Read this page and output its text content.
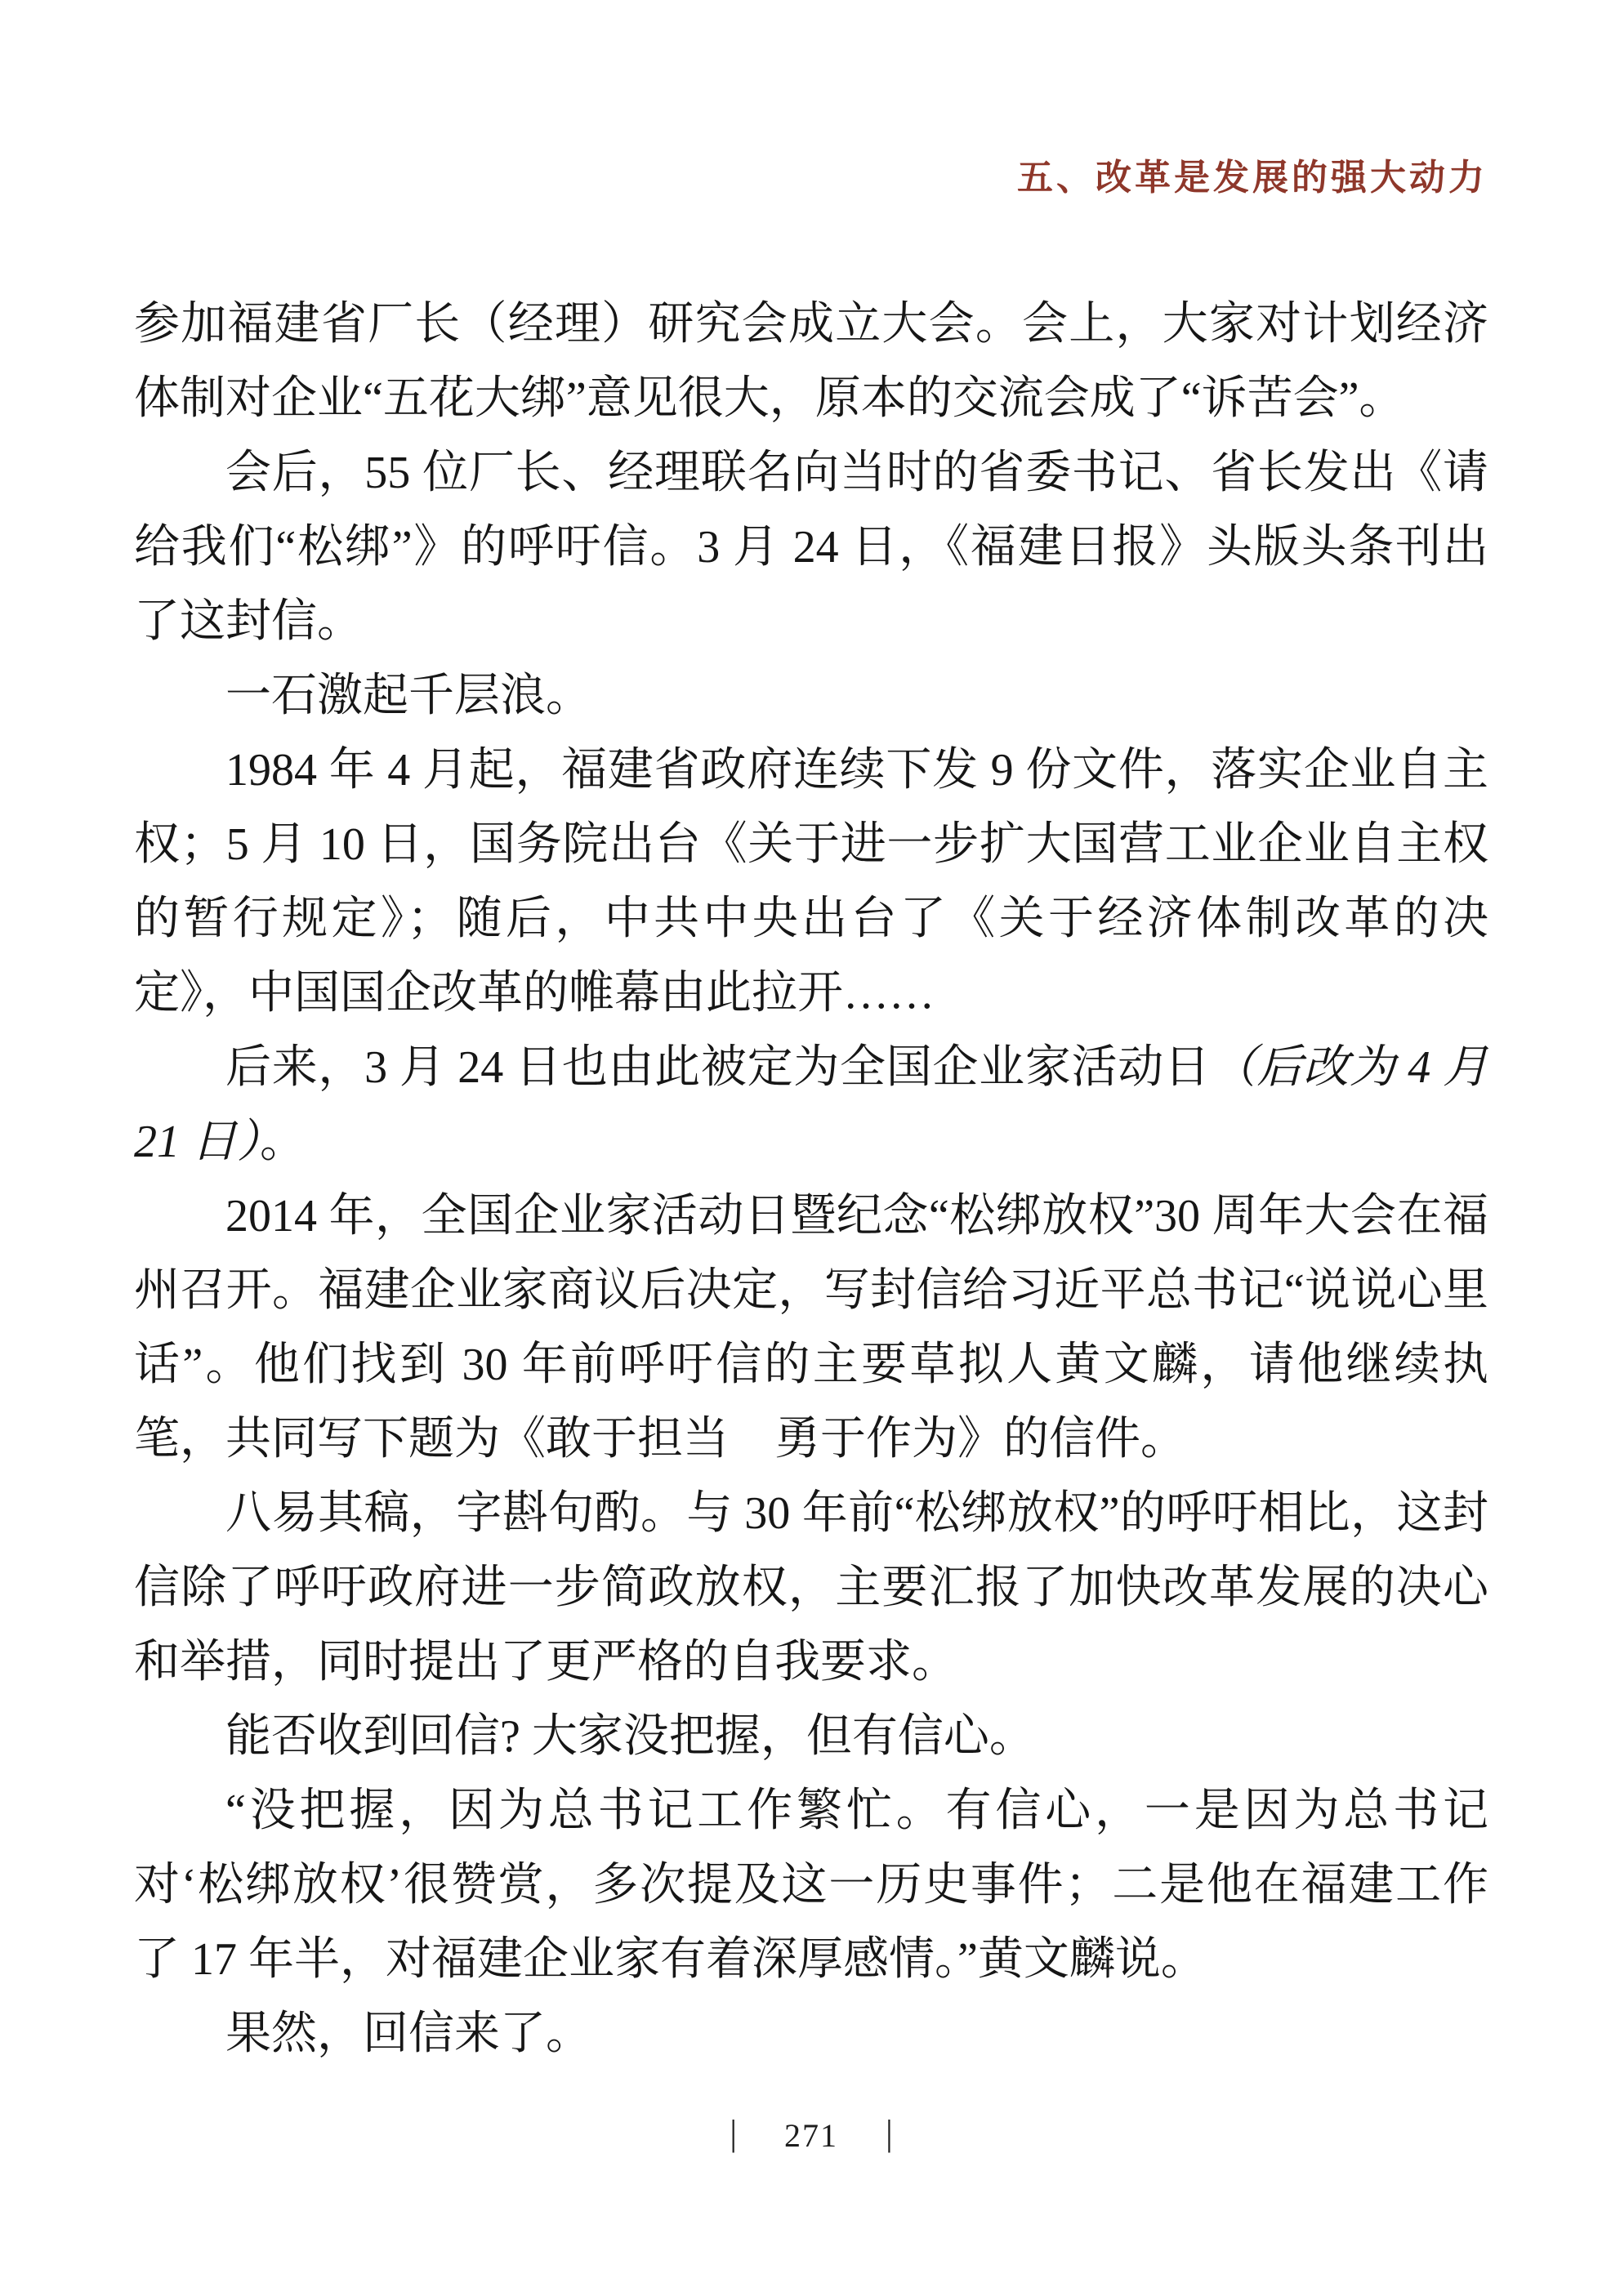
五、改革是发展的强大动力

参加福建省厂长（经理）研究会成立大会。会上，大家对计划经济体制对企业“五花大绑”意见很大，原本的交流会成了“诉苦会”。

会后，55 位厂长、经理联名向当时的省委书记、省长发出《请给我们“松绑”》的呼吁信。3 月 24 日，《福建日报》头版头条刊出了这封信。

一石激起千层浪。

1984 年 4 月起，福建省政府连续下发 9 份文件，落实企业自主权；5 月 10 日，国务院出台《关于进一步扩大国营工业企业自主权的暂行规定》；随后，中共中央出台了《关于经济体制改革的决定》，中国国企改革的帷幕由此拉开……

后来，3 月 24 日也由此被定为全国企业家活动日（后改为 4 月 21 日）。

2014 年，全国企业家活动日暨纪念“松绑放权”30 周年大会在福州召开。福建企业家商议后决定，写封信给习近平总书记“说说心里话”。他们找到 30 年前呼吁信的主要草拟人黄文麟，请他继续执笔，共同写下题为《敢于担当　勇于作为》的信件。

八易其稿，字斟句酌。与 30 年前“松绑放权”的呼吁相比，这封信除了呼吁政府进一步简政放权，主要汇报了加快改革发展的决心和举措，同时提出了更严格的自我要求。

能否收到回信? 大家没把握，但有信心。

“没把握，因为总书记工作繁忙。有信心，一是因为总书记对‘松绑放权’很赞赏，多次提及这一历史事件；二是他在福建工作了 17 年半，对福建企业家有着深厚感情。”黄文麟说。

果然，回信来了。

| 271 |
